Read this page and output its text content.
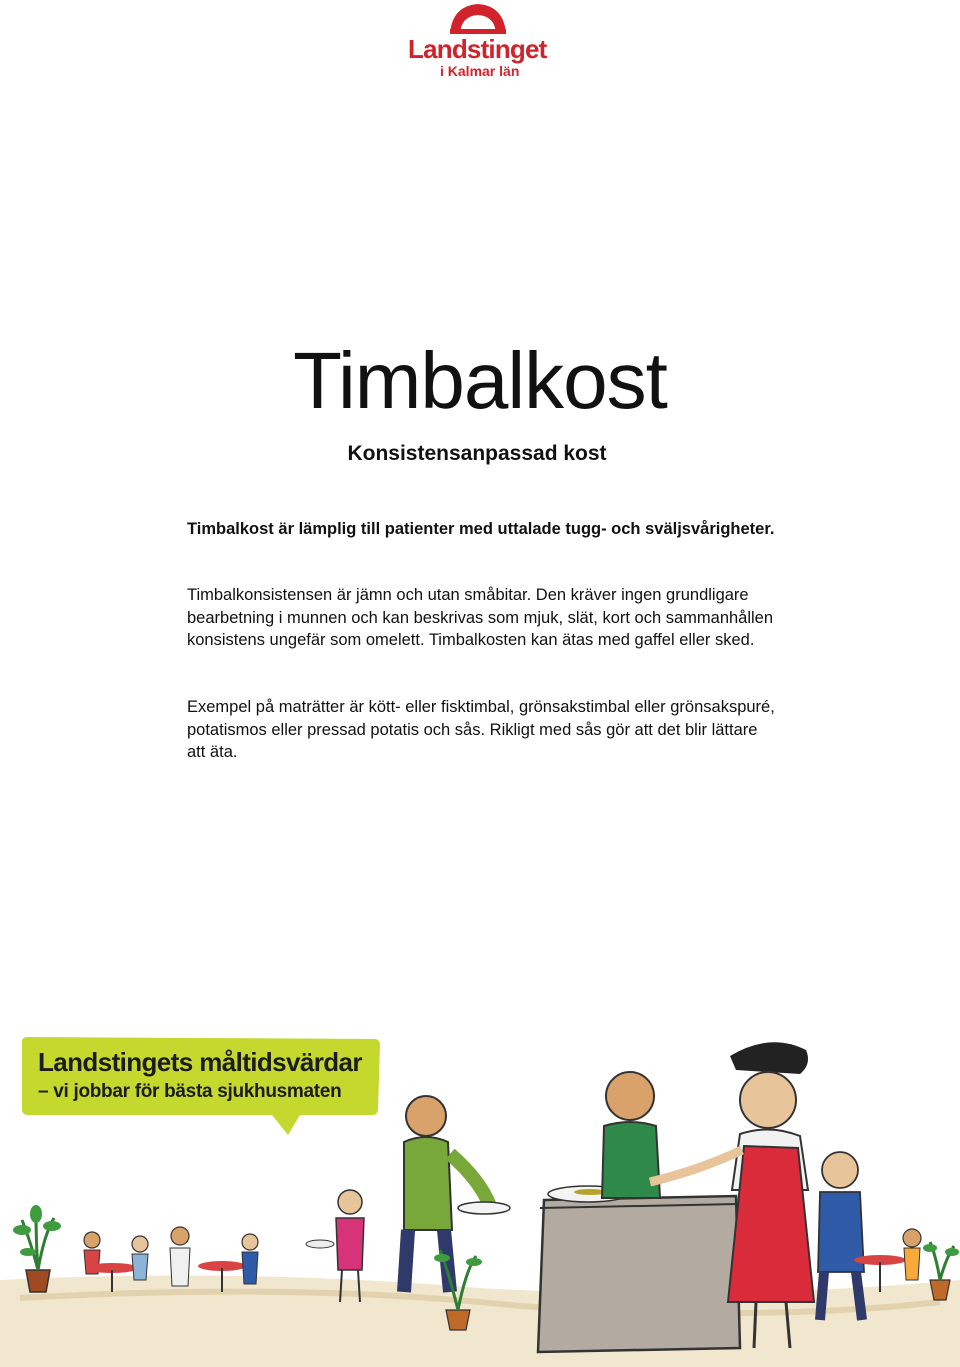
Landstinget
i Kalmar län
Timbalkost
Konsistensanpassad kost

Timbalkost är lämplig till patienter med uttalade tugg- och sväljsvårigheter.

Timbalkonsistensen är jämn och utan småbitar. Den kräver ingen grundligare bearbetning i munnen och kan beskrivas som mjuk, slät, kort och sammanhållen konsistens ungefär som omelett. Timbalkosten kan ätas med gaffel eller sked.

Exempel på maträtter är kött- eller fisktimbal, grönsakstimbal eller grönsakspuré, potatismos eller pressad potatis och sås. Rikligt med sås gör att det blir lättare att äta.

Landstingets måltidsvärdar
– vi jobbar för bästa sjukhusmaten
